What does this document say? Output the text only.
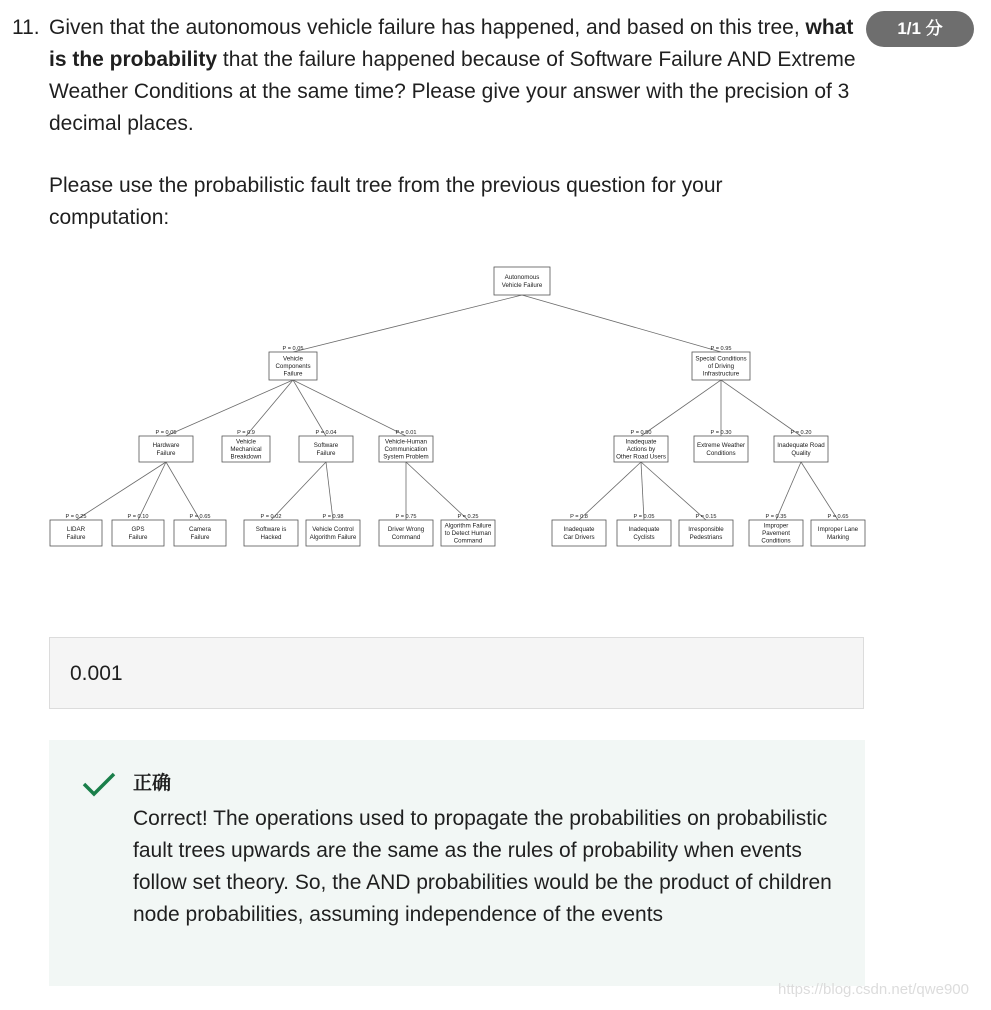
11. Given that the autonomous vehicle failure has happened, and based on this tree, what is the probability that the failure happened because of Software Failure AND Extreme Weather Conditions at the same time? Please give your answer with the precision of 3 decimal places.
1/1 分
Please use the probabilistic fault tree from the previous question for your computation:
Autonomous
Vehicle Failure
P = 0.05
Vehicle
Components
Failure
P = 0.95
Special Conditions
of Driving
Infrastructure
P = 0.05
Hardware
Failure
P = 0.9
Vehicle
Mechanical
Breakdown
P = 0.04
Software
Failure
P = 0.01
Vehicle-Human
Communication
System Problem
P = 0.50
Inadequate
Actions by
Other Road Users
P = 0.30
Extreme Weather
Conditions
P = 0.20
Inadequate Road
Quality
P = 0.25
LIDAR
Failure
P = 0.10
GPS
Failure
P = 0.65
Camera
Failure
P = 0.02
Software is
Hacked
P = 0.98
Vehicle Control
Algorithm Failure
P = 0.75
Driver Wrong
Command
P = 0.25
Algorithm Failure
to Detect Human
Command
P = 0.8
Inadequate
Car Drivers
P = 0.05
Inadequate
Cyclists
P = 0.15
Irresponsible
Pedestrians
P = 0.35
Improper
Pavement
Conditions
P = 0.65
Improper Lane
Marking
0.001
正确
Correct! The operations used to propagate the probabilities on probabilistic fault trees upwards are the same as the rules of probability when events follow set theory. So, the AND probabilities would be the product of children node probabilities, assuming independence of the events
https://blog.csdn.net/qwe900
